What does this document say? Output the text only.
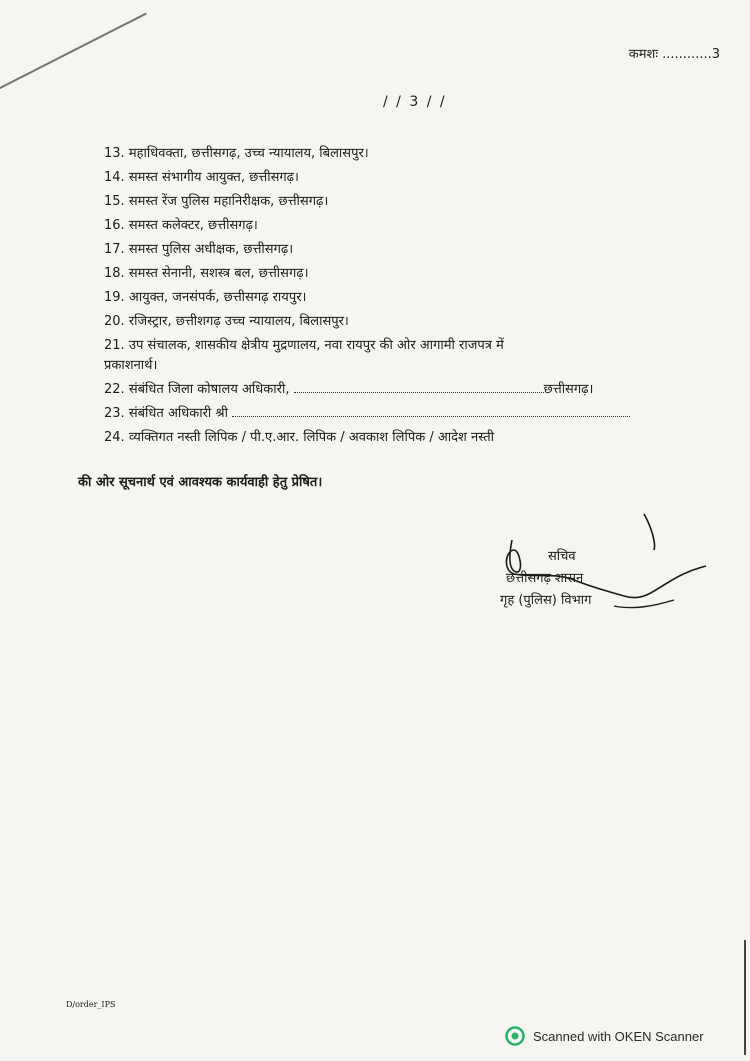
कमशः ............3
/ / 3 / /
13. महाधिवक्ता, छत्तीसगढ़, उच्च न्यायालय, बिलासपुर।
14. समस्त संभागीय आयुक्त, छत्तीसगढ़।
15. समस्त रेंज पुलिस महानिरीक्षक, छत्तीसगढ़।
16. समस्त कलेक्टर, छत्तीसगढ़।
17. समस्त पुलिस अधीक्षक, छत्तीसगढ़।
18. समस्त सेनानी, सशस्त्र बल, छत्तीसगढ़।
19. आयुक्त, जनसंपर्क, छत्तीसगढ़ रायपुर।
20. रजिस्ट्रार, छत्तीशगढ़ उच्च न्यायालय, बिलासपुर।
21. उप संचालक, शासकीय क्षेत्रीय मुद्रणालय, नवा रायपुर की ओर आगामी राजपत्र में
प्रकाशनार्थ।
22. संबंधित जिला कोषालय अधिकारी,	छत्तीसगढ़।
23. संबंधित अधिकारी श्री
24. व्यक्तिगत नस्ती लिपिक / पी.ए.आर. लिपिक / अवकाश लिपिक / आदेश नस्ती
की ओर सूचनार्थ एवं आवश्यक कार्यवाही हेतु प्रेषित।
सचिव
छत्तीसगढ़ शासन
गृह (पुलिस) विभाग
D/order_IPS
Scanned with OKEN Scanner
